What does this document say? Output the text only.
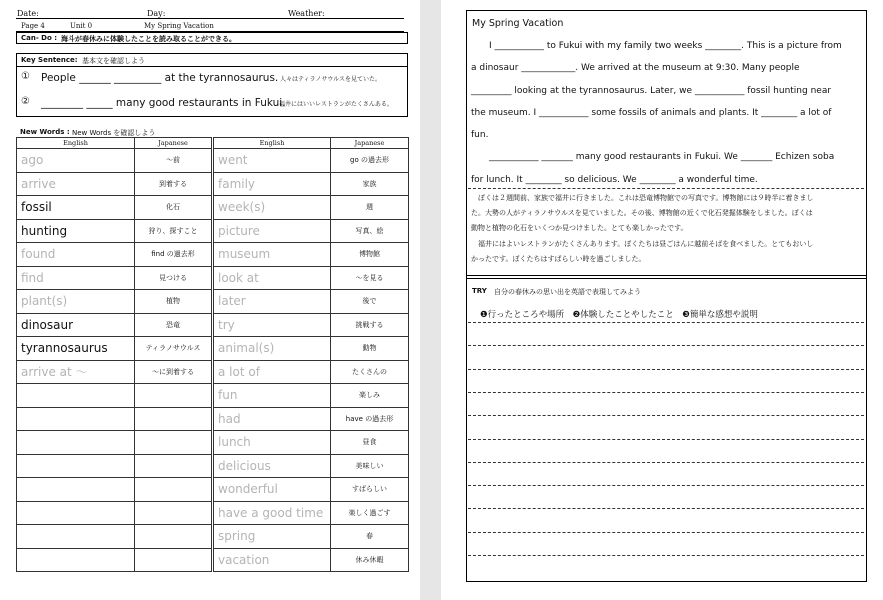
Date:	Day:	Weather:
Page 4	Unit 0	My Spring Vacation
Can- Do : 海斗が春休みに体験したことを読み取ることができる。
Key Sentence: 基本文を確認しよう
① People ______ _________ at the tyrannosaurus. 人々はティラノサウルスを見ていた。
② ________ _____ many good restaurants in Fukui.
福井にはいいレストランがたくさんある。
New Words : New Words を確認しよう
English	Japanese
ago	～前
arrive	到着する
fossil	化石
hunting	狩り、探すこと
found	find の過去形
find	見つける
plant(s)	植物
dinosaur	恐竜
tyrannosaurus	ティラノサウルス
arrive at ～	～に到着する

English	Japanese
went	go の過去形
family	家族
week(s)	週
picture	写真、絵
museum	博物館
look at	～を見る
later	後で
try	挑戦する
animal(s)	動物
a lot of	たくさんの
fun	楽しみ
had	have の過去形
lunch	昼食
delicious	美味しい
wonderful	すばらしい
have a good time	楽しく過ごす
spring	春
vacation	休み休暇
My Spring Vacation

I ___________ to Fukui with my family two weeks ________. This is a picture from

a dinosaur ____________. We arrived at the museum at 9:30. Many people

_________ looking at the tyrannosaurus. Later, we ___________ fossil hunting near

the museum. I ___________ some fossils of animals and plants. It ________ a lot of

fun.

___________ _______ many good restaurants in Fukui. We _______ Echizen soba

for lunch. It ________ so delicious. We ________ a wonderful time.

ぼくは２週間前、家族で福井に行きました。これは恐竜博物館での写真です。博物館には９時半に着きまし

た。大勢の人がティラノサウルスを見ていました。その後、博物館の近くで化石発掘体験をしました。ぼくは

動物と植物の化石をいくつか見つけました。とても楽しかったです。

福井にはよいレストランがたくさんあります。ぼくたちは昼ごはんに越前そばを食べました。とてもおいし

かったです。ぼくたちはすばらしい時を過ごしました。

TRY 自分の春休みの思い出を英語で表現してみよう
❶行ったところや場所　❷体験したことやしたこと　❸簡単な感想や説明
